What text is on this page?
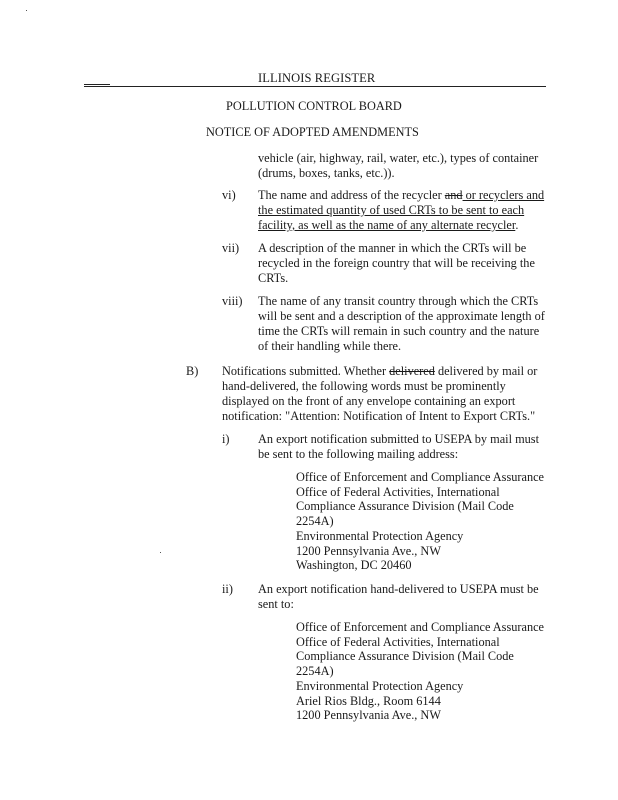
ILLINOIS REGISTER
POLLUTION CONTROL BOARD
NOTICE OF ADOPTED AMENDMENTS
vehicle (air, highway, rail, water, etc.), types of container
(drums, boxes, tanks, etc.)).
vi) The name and address of the recycler and or recyclers and
the estimated quantity of used CRTs to be sent to each
facility, as well as the name of any alternate recycler.
vii) A description of the manner in which the CRTs will be
recycled in the foreign country that will be receiving the
CRTs.
viii) The name of any transit country through which the CRTs
will be sent and a description of the approximate length of
time the CRTs will remain in such country and the nature
of their handling while there.
B) Notifications submitted. Whether delivered delivered by mail or
hand-delivered, the following words must be prominently
displayed on the front of any envelope containing an export
notification: "Attention: Notification of Intent to Export CRTs."
i) An export notification submitted to USEPA by mail must
be sent to the following mailing address:
Office of Enforcement and Compliance Assurance
Office of Federal Activities, International
Compliance Assurance Division (Mail Code
2254A)
Environmental Protection Agency
1200 Pennsylvania Ave., NW
Washington, DC 20460
ii) An export notification hand-delivered to USEPA must be
sent to:
Office of Enforcement and Compliance Assurance
Office of Federal Activities, International
Compliance Assurance Division (Mail Code
2254A)
Environmental Protection Agency
Ariel Rios Bldg., Room 6144
1200 Pennsylvania Ave., NW
